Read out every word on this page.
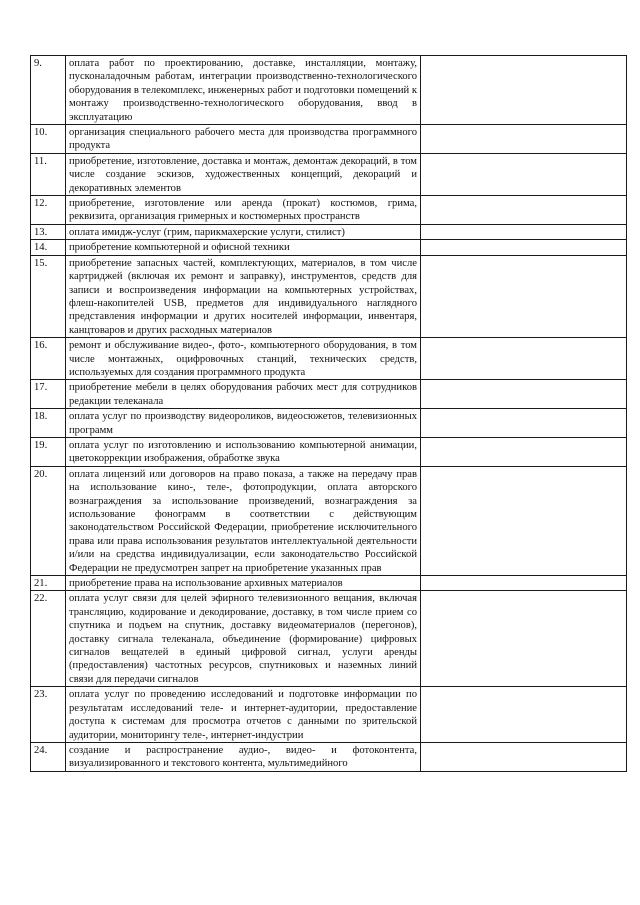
9.	оплата работ по проектированию, доставке, инсталляции, монтажу, пусконаладочным работам, интеграции производственно-технологического оборудования в телекомплекс, инженерных работ и подготовки помещений к монтажу производственно-технологического оборудования, ввод в эксплуатацию	
10.	организация специального рабочего места для производства программного продукта	
11.	приобретение, изготовление, доставка и монтаж, демонтаж декораций, в том числе создание эскизов, художественных концепций, декораций и декоративных элементов	
12.	приобретение, изготовление или аренда (прокат) костюмов, грима, реквизита, организация гримерных и костюмерных пространств	
13.	оплата имидж-услуг (грим, парикмахерские услуги, стилист)	
14.	приобретение компьютерной и офисной техники	
15.	приобретение запасных частей, комплектующих, материалов, в том числе картриджей (включая их ремонт и заправку), инструментов, средств для записи и воспроизведения информации на компьютерных устройствах, флеш-накопителей USB, предметов для индивидуального наглядного представления информации и других носителей информации, инвентаря, канцтоваров и других расходных материалов	
16.	ремонт и обслуживание видео-, фото-, компьютерного оборудования, в том числе монтажных, оцифровочных станций, технических средств, используемых для создания программного продукта	
17.	приобретение мебели в целях оборудования рабочих мест для сотрудников редакции телеканала	
18.	оплата услуг по производству видеороликов, видеосюжетов, телевизионных программ	
19.	оплата услуг по изготовлению и использованию компьютерной анимации, цветокоррекции изображения, обработке звука	
20.	оплата лицензий или договоров на право показа, а также на передачу прав на использование кино-, теле-, фотопродукции, оплата авторского вознаграждения за использование произведений, вознаграждения за использование фонограмм в соответствии с действующим законодательством Российской Федерации, приобретение исключительного права или права использования результатов интеллектуальной деятельности и/или на средства индивидуализации, если законодательство Российской Федерации не предусмотрен запрет на приобретение указанных прав	
21.	приобретение права на использование архивных материалов	
22.	оплата услуг связи для целей эфирного телевизионного вещания, включая трансляцию, кодирование и декодирование, доставку, в том числе прием со спутника и подъем на спутник, доставку видеоматериалов (перегонов), доставку сигнала телеканала, объединение (формирование) цифровых сигналов вещателей в единый цифровой сигнал, услуги аренды (предоставления) частотных ресурсов, спутниковых и наземных линий связи для передачи сигналов	
23.	оплата услуг по проведению исследований и подготовке информации по результатам исследований теле- и интернет-аудитории, предоставление доступа к системам для просмотра отчетов с данными по зрительской аудитории, мониторингу теле-, интернет-индустрии	
24.	создание и распространение аудио-, видео- и фотоконтента, визуализированного и текстового контента, мультимедийного	
